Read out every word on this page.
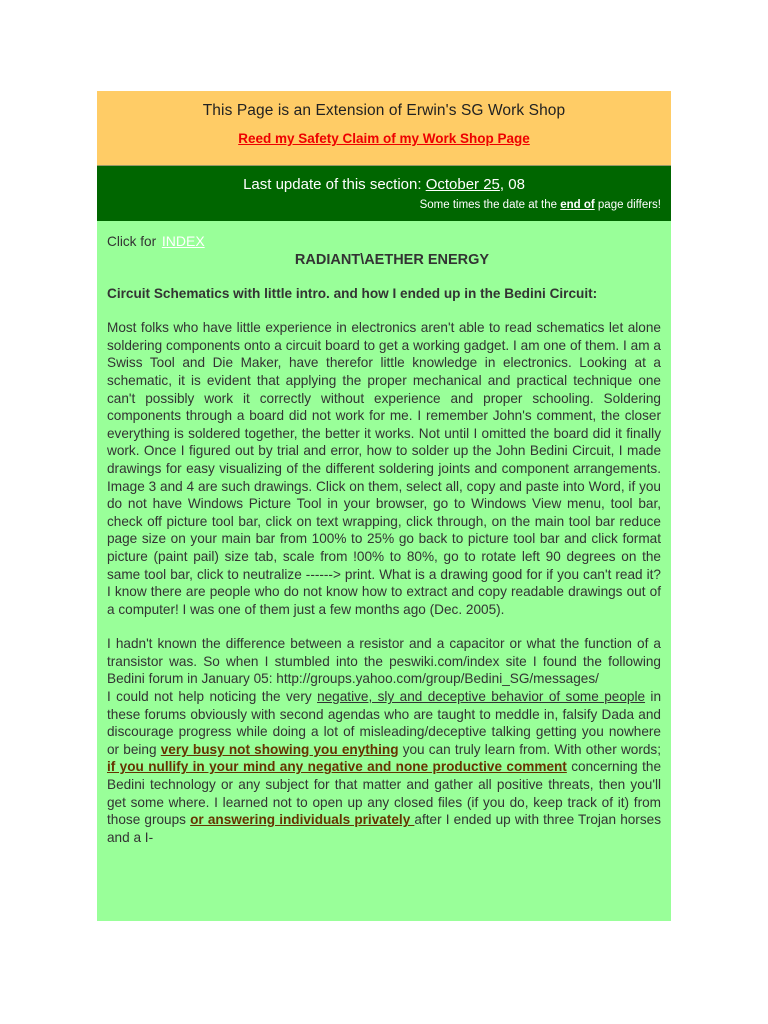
This Page is an Extension of Erwin's SG Work Shop
Reed my Safety Claim of my Work Shop Page
Last update of this section: October 25, 08
Some times the date at the end of page differs!
Click for INDEX
RADIANT\AETHER ENERGY
Circuit Schematics with little intro. and how I ended up in the Bedini Circuit:
Most folks who have little experience in electronics aren't able to read schematics let alone soldering components onto a circuit board to get a working gadget. I am one of them. I am a Swiss Tool and Die Maker, have therefor little knowledge in electronics. Looking at a schematic, it is evident that applying the proper mechanical and practical technique one can't possibly work it correctly without experience and proper schooling. Soldering components through a board did not work for me. I remember John's comment, the closer everything is soldered together, the better it works. Not until I omitted the board did it finally work. Once I figured out by trial and error, how to solder up the John Bedini Circuit, I made drawings for easy visualizing of the different soldering joints and component arrangements. Image 3 and 4 are such drawings. Click on them, select all, copy and paste into Word, if you do not have Windows Picture Tool in your browser, go to Windows View menu, tool bar, check off picture tool bar, click on text wrapping, click through, on the main tool bar reduce page size on your main bar from 100% to 25% go back to picture tool bar and click format picture (paint pail) size tab, scale from !00% to 80%, go to rotate left 90 degrees on the same tool bar, click to neutralize ------> print. What is a drawing good for if you can't read it? I know there are people who do not know how to extract and copy readable drawings out of a computer! I was one of them just a few months ago (Dec. 2005).
I hadn't known the difference between a resistor and a capacitor or what the function of a transistor was. So when I stumbled into the peswiki.com/index site I found the following Bedini forum in January 05: http://groups.yahoo.com/group/Bedini_SG/messages/
I could not help noticing the very negative, sly and deceptive behavior of some people in these forums obviously with second agendas who are taught to meddle in, falsify Dada and discourage progress while doing a lot of misleading/deceptive talking getting you nowhere or being very busy not showing you enything you can truly learn from. With other words; if you nullify in your mind any negative and none productive comment concerning the Bedini technology or any subject for that matter and gather all positive threats, then you'll get some where. I learned not to open up any closed files (if you do, keep track of it) from those groups or answering individuals privately after I ended up with three Trojan horses and a I-
